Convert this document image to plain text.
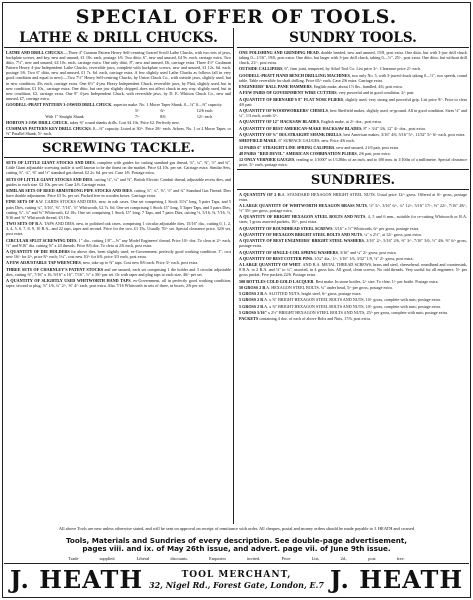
SPECIAL OFFER OF TOOLS.
LATHE & DRILL CHUCKS.

LATHE AND DRILL CHUCKS.—Three 4" Cusman Pattern Heavy Self-centring Geared Scroll Lathe Chucks, with two sets of jaws, backplate screws, and key, new and unused, £1 10s. each, postage 1/6. Two ditto, 6", new and unused, £4 9s. each, carriage extra. Two ditto, 7½", new and unused, £4 10s. each, carriage extra. One only ditto, 8", new and unused, £6, carriage extra. Three 4½" Cushman Pattern Heavy 4-jaw Independent Lathe Chucks, reversible jaws, complete with backplate screws, new and unused, £1 12s. 6d. each, postage 1/6. Two 6" ditto, new and unused, £1 7s. 6d. each, carriage extra. A few slightly used Lathe Chucks as follows (all in very good condition and equal to new):—Two 7½" Heavy Self-centring Chucks, by Union Chuck Co., with outside jaws, slightly used, but in new condition, 45s each, carriage extra. One 6½" 4-jaw Heavy Independent Chuck, reversible jaws, by Platt, slightly used, but in new condition, £1 10s., carriage extra. One ditto, but one jaw slightly chipped, does not affect chuck in any way, slightly used, but in new condition, £2, carriage extra. One 8" 4-jaw Independent Chuck, with reversible jaws, by D. E. Whitton Chuck Co., new and unused, £7, carriage extra.

GOODELL-PRATT PATTERN 3-JAWED DRILL CHUCK, superior make. No. 1 Morse Taper Shank. 0—⅛" 0—⅜" capacity.

	5/-	6/-	12/6 each
With 1" Straight Shank	7/-	8/6	12/- each

HORTON 3-JAW DRILL CHUCK, takes ⅜" round shanks drills. Cost £4 10s. Price £2. Perfectly new.

CUSHMAN PATTERN KEY DRILL CHUCKS, 0—⅜" capacity. Listed at 30/-. Price 20/- each. Arbors, No. 1 or 2 Morse Taper, or ⅜" Parallel Shank, 5/- each.

SCREWING TACKLE.

SETS OF LITTLE GIANT STOCKS AND DIES, complete with guides for cutting standard gas thread, ⅛", ¼", ⅜", ½" and ¾". Little Giant adjustable screwing tackle is well known to be the finest on the market. Price £4 10s. per set. Carriage extra. Similar Sets, cutting ⅛", ¼", ⅜" and ½" standard gas thread, £2 2s. 6d. per set. Case 1/6. Postage extra.

SETS OF LITTLE GIANT STOCKS AND DIES, cutting ⅛", ¼" and ⅜", British Electric Conduit thread, adjustable recess dies, and guides to each size. £2 10s. per set. Case 2/6. Carriage extra.

SIMILAR SETS OF REED ARMSTRONG PIPE STOCKS AND DIES, cutting ⅛", ¼", ⅜", ½" and ¾" Standard Gas Thread. Dies have double adjustment. Price £3 5s. per set. Packed free in wooden boxes. Carriage extra.

FINE SETS OF S.W. CARDS STOCKS AND DIES, new, in oak cases. One set comprising 1 Stock 11⅛" long, 5 pairs Taps, and 5 pairs Dies, cutting ¼", 5/16", ⅜", 7/16", ½" Whitworth, £2 7s. 6d. One set comprising 1 Stock 15" long, 5 Taper Taps, and 5 pairs Dies, cutting ⅛", ¼" and ⅜" Whitworth, £2 10s. One set comprising 1 Stock 15" long, 7 Taps, and 7 pairs Dies, cutting ½, 5/16, ⅜, 7/16, ½, 9/16 and ⅝" Whitworth thread, £3 10s.

TWO SETS OF B.A. TAPS AND DIES, new, in polished oak cases, comprising 1 circular adjustable dies, 15/16" dia., cutting 0, 1, 2, 3, 4, 5, 6, 7, 8, 9, 10 B.A., and 22 taps, taper and second. Price for the two, £1 15s. Usually 70/- set. Special clearance price, 32/6 set, post extra.

CIRCULAR SPLIT SCREWING DIES, 1" dia., cutting 1/8"—⅝" any Model Engineers' thread. Price 10/- doz. To clear at 2/- each, ½" and 9/16" dia. cutting ⅝" x 24 threads. Price 8/6 doz. To clear at 2/6 each, post extra.

A QUANTITY OF DIE HOLDERS for above dies, been slightly used, ex-Government, perfectly good working condition. 1", cost new 16/- for 4/-, price 8/- each; 1¼", cost new 10/- for 6/6, price 3/3 each, post extra.

A FEW ADJUSTABLE TAP WRENCHES, new, take up to ⅜" taps. Cost new 8/6 each. Price 3/- each, post extra.

THREE SETS OF CHARNLEY'S PATENT STOCKS and are unused, each set comprising 1 die holder and 3 circular adjustable dies, cutting ⅜", 7/16" x 16, 9/16" x 16", 7/16", ½" x 30/- per set. Or with taper and plug taps to each size, 46/- per set.

A QUANTITY OF SLIGHTLY USED WHITWORTH HAND TAPS, ex-Government, all in perfectly good working condition, taper, second or plug, ⅛" 1/6, ¼" 2/-, ⅜" 4/- each, post extra. Also 7/16 Whitworth in sets of three, in boxes, 2/6 per set.

SUNDRY TOOLS.

ONE POLISHING AND GRINDING HEAD, double headed, new and unused, 15/8, post extra. One ditto, but with 3-jaw drill chuck taking 0—1/16", 19/6, post extra. One ditto, but larger with 3-jaw drill chuck, taking 0—½", 25/-, post extra. One ditto, but without drill chuck, 21/-, post extra.

OUTSIDE CALLIPERS, 6", firm joint, tempered, by Athol Tool Co. List price 3/-. Clearance price 2/- each.

GOODELL-PRATT HAND BENCH DRILLING MACHINES, two only No. 5, with 3-jawed chuck taking 0—½", two speeds, round table. Table reversible for shaft drilling. Price 65/- each. Case 2/6 extra. Carriage extra.

ENGINEERS' BALL PANE HAMMERS, English make, about 1½ lbs., handled, 4/6, post extra.

A FEW PAIRS OF GOVERNMENT WIRE CUTTERS, very powerful and in good condition, 2/- pair.

A QUANTITY OF BERNARD'S 8" FLAT NOSE PLIERS, slightly used, very strong and powerful grip. List price 9/-. Price to clear 4/6 pair.

A QUANTITY OF WOODWORKERS' CHISELS, best Sheffield makes, slightly used, re-ground. All in good condition. Sizes ⅛" and ¼", 1/3 each, worth 3/-.

A QUANTITY OF 12" HACKSAW BLADES, English make, at 2/- doz., post extra.

A QUANTITY OF BEST AMERICAN-MAKE HACKSAW BLADES, 8" × 3/4" 3/6, 12" 4/- doz., post extra.

A QUANTITY OF ⅜" DIA STRAIGHT SHANK DRILLS, best American makes, 3/16" 4/6, 5/16" 5/-, 11/32" 5/- 6/- each, post extra.

SHEFFIELD MAKE, 6" SURFACE GAUGES, new. Price 4/6 each.

12 PAIRS 6" STRAIGHT LINE SPRING CALIPERS, new and unused, 21/6 pair, post extra.

48 PAIRS "RED DEVIL" AMERICAN COMBINATION PLIERS, 2/6 pair, post extra.

12 ONLY VERNIER GAUGES, reading to 1/1000" in 1/128ths of an inch, and to 100 mm. in 1/10ths of a millimetre. Special clearance price, 5/- each, postage extra.

SUNDRIES.

A QUANTITY OF 2 B.A. STANDARD HEXAGON BRIGHT STEEL NUTS. Usual price 12/- gross. Offered at 6/- gross, postage extra.

A LARGE QUANTITY OF WHITWORTH HEXAGON BRASS NUTS, ⅛" 5/-, 3/16" 6/-, ¼" 12/-, 5/16" 17/-, ⅜" 22/-, 7/16" 28/-, ½" 35/- per gross, postage extra.

A QUANTITY OF BRIGHT HEXAGON STEEL BOLTS AND NUTS, 4, 5 and 6 mm., suitable for re-cutting Whitworth or B.A. sizes; 1 gross assorted packets, 10/-, post extra.

A QUANTITY OF ROUNDHEAD STEEL SCREWS, 3/16" x ½" Whitworth, 6/- per gross, postage extra.

A QUANTITY OF HEXAGON BRIGHT STEEL BOLTS AND NUTS, ¼" x 2½", at 12/- gross, post extra.

A QUANTITY OF BEST ENGINEERS' BRIGHT STEEL WASHERS, 3/16" 2/-, 5/16" 2/6, ⅜" 3/-, 7/16" 3/6, ½" 4/6, ⅝" 6/- gross, postage extra.

A QUANTITY OF SINGLE-COIL SPRING WASHERS, 3/16" and ¼" 2/- gross, post extra.

A QUANTITY OF BEST COTTER PINS, 1/32" dia., 1/-, 1/16" 1/6, 3/32" 1/9, ⅛" 2/- gross, post extra.

A LARGE QUANTITY OF WHIT. AND B.A. METAL THREAD SCREWS, brass and steel, cheesehead, roundhead and countersink, 8 B.A. to 2 B.A. and ⅛" to ¼", assorted, in 4 gross lots. All good, clean screws. No odd threads. Very useful for all engineers. 5/- per gross packet. Five packets 22/6. Postage extra.

500 BOTTLES COLD GOLD LACQUER. Best make. In stone bottles, 2/- size. To clear, 1/- per bottle. Postage extra.

50 GROSS 2 B.A. HEXAGON STEEL BOLTS, ¾" under head, 5/- per gross, postage extra.

5 GROSS 2 B.A. SLOTTED NUTS, bright steel, 6/- gross, postage extra.

5 GROSS 2 B.A. x ⅝" BRIGHT HEXAGON STEEL BOLTS AND NUTS, 10/- gross, complete with nuts; postage extra.

5 GROSS 2 B.A. x ⅜" BRIGHT HEXAGON STEEL BOLTS AND NUTS, 10/- gross, complete with nuts; postage extra.

5 GROSS 5/16" x 2½" BRIGHT HEXAGON STEEL BOLTS AND NUTS, 25/- per gross, complete with nuts; postage extra.

PACKETS containing 4 doz. of each of above Bolts and Nuts, 17/6, post extra.

All above Tools are new unless otherwise stated, and will be sent on approval on receipt of remittance with order. All cheques, postal and money orders should be made payable to J. HEATH and crossed
Tools, Materials and Sundries of every description. See double-page advertisement,
pages viii. and ix. of May 26th issue, and advert. page vii. of June 9th issue.
Trade supplied. Liberal discounts. Enquiries invited. Price List, 2d., post free.
J. HEATH	TOOL MERCHANT,
32, Nigel Rd., Forest Gate, London, E.7 J. HEATH
